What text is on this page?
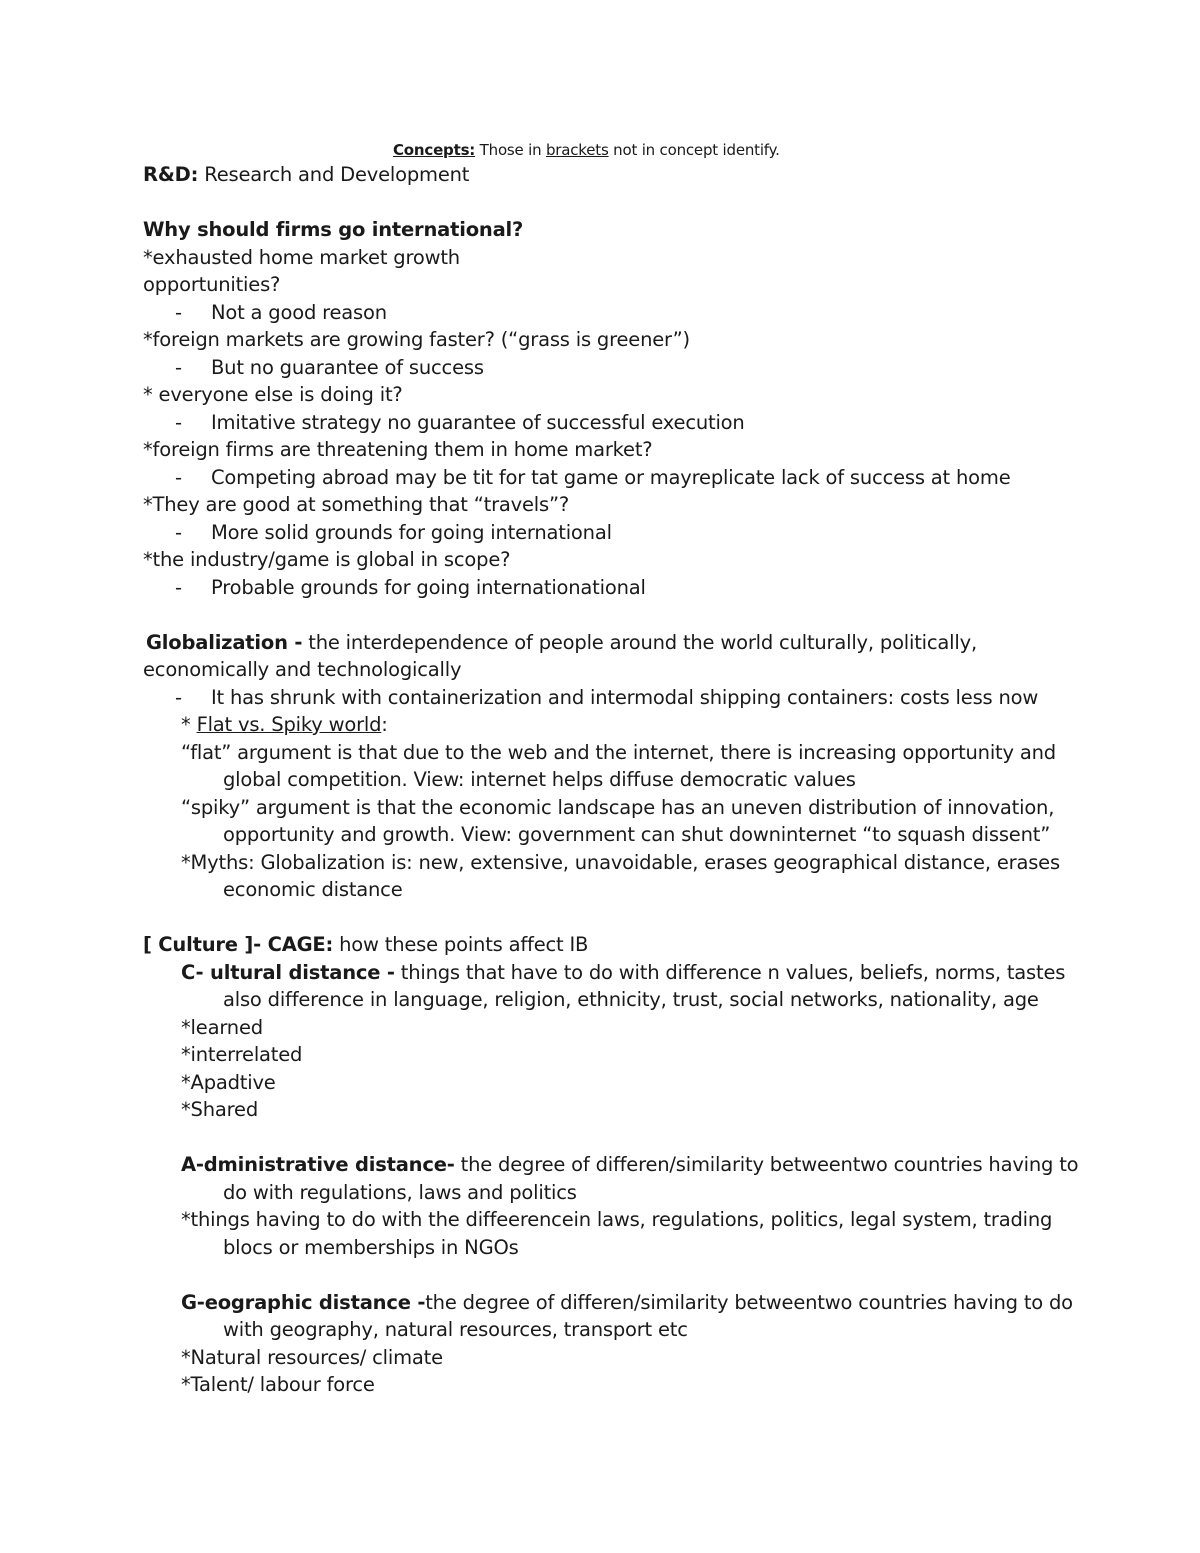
Concepts: Those in brackets not in concept identify.
R&D: Research and Development
Why should firms go international?
*exhausted home market growth
opportunities?
- Not a good reason
*foreign markets are growing faster? (“grass is greener”)
- But no guarantee of success
* everyone else is doing it?
- Imitative strategy no guarantee of successful execution
*foreign firms are threatening them in home market?
- Competing abroad may be tit for tat game or mayreplicate lack of success at home
*They are good at something that “travels”?
- More solid grounds for going international
*the industry/game is global in scope?
- Probable grounds for going internationational
Globalization - the interdependence of people around the world culturally, politically,
economically and technologically
- It has shrunk with containerization and intermodal shipping containers: costs less now
* Flat vs. Spiky world:
“flat” argument is that due to the web and the internet, there is increasing opportunity and
global competition. View: internet helps diffuse democratic values
“spiky” argument is that the economic landscape has an uneven distribution of innovation,
opportunity and growth. View: government can shut downinternet “to squash dissent”
*Myths: Globalization is: new, extensive, unavoidable, erases geographical distance, erases
economic distance
[ Culture ]- CAGE: how these points affect IB
C- ultural distance - things that have to do with difference n values, beliefs, norms, tastes
also difference in language, religion, ethnicity, trust, social networks, nationality, age
*learned
*interrelated
*Apadtive
*Shared
A-dministrative distance- the degree of differen/similarity betweentwo countries having to
do with regulations, laws and politics
*things having to do with the diffeerencein laws, regulations, politics, legal system, trading
blocs or memberships in NGOs
G-eographic distance -the degree of differen/similarity betweentwo countries having to do
with geography, natural resources, transport etc
*Natural resources/ climate
*Talent/ labour force
